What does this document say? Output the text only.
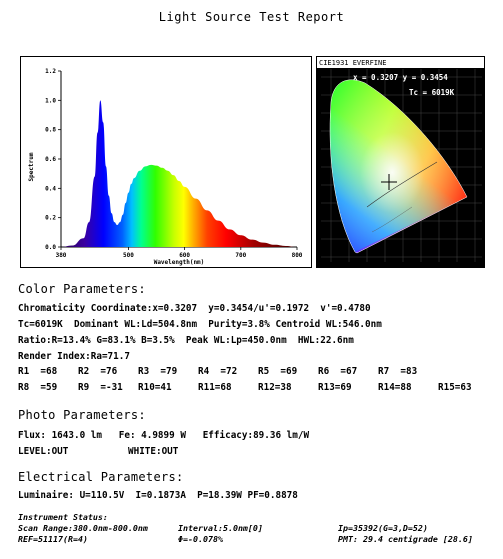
Light Source Test Report
380	500	600	700	800
0.0
0.2
0.4
0.6
0.8
1.0
1.2
Wavelength(nm)
Spectrum
CIE1931 EVERFINE
x = 0.3207 y = 0.3454
Tc = 6019K
Color Parameters:
Chromaticity Coordinate:x=0.3207  y=0.3454/u'=0.1972  v'=0.4780
Tc=6019K  Dominant WL:Ld=504.8nm  Purity=3.8% Centroid WL:546.0nm
Ratio:R=13.4% G=83.1% B=3.5%  Peak WL:Lp=450.0nm  HWL:22.6nm
Render Index:Ra=71.7
R1  =68 R2  =76 R3  =79 R4  =72 R5  =69 R6  =67 R7  =83
R8  =59 R9  =-31 R10=41	R11=68	R12=38	R13=69	R14=88	R15=63
Photo Parameters:
Flux: 1643.0 lm   Fe: 4.9899 W   Efficacy:89.36 lm/W
LEVEL:OUT	WHITE:OUT
Electrical Parameters:
Luminaire: U=110.5V  I=0.1873A  P=18.39W PF=0.8878
Instrument Status:
Scan Range:380.0nm-800.0nm	Interval:5.0nm[0]	Ip=35392(G=3,D=52)
REF=51117(R=4)	Φ=-0.078%	PMT: 29.4 centigrade [28.6]
